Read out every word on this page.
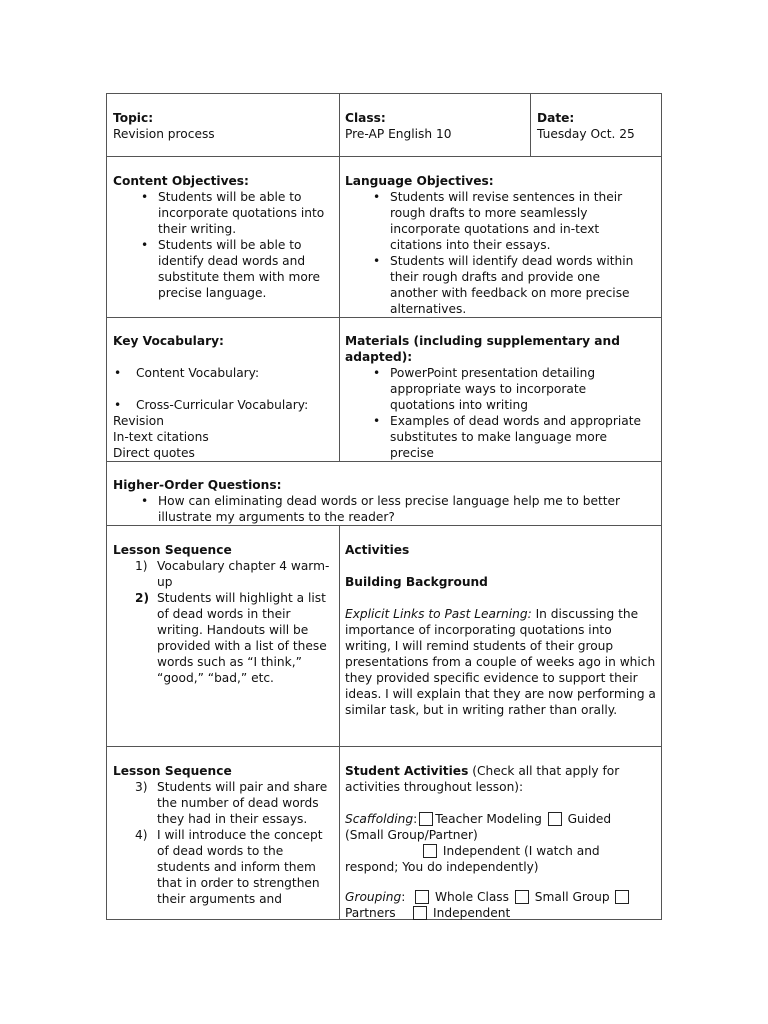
Topic:
Revision process
Class:
Pre-AP English 10
Date:
Tuesday Oct. 25
Content Objectives:
• Students will be able to incorporate quotations into their writing.
• Students will be able to identify dead words and substitute them with more precise language.
Language Objectives:
• Students will revise sentences in their rough drafts to more seamlessly incorporate quotations and in-text citations into their essays.
• Students will identify dead words within their rough drafts and provide one another with feedback on more precise alternatives.
Key Vocabulary:
• Content Vocabulary:
• Cross-Curricular Vocabulary:
Revision
In-text citations
Direct quotes
Materials (including supplementary and adapted):
• PowerPoint presentation detailing appropriate ways to incorporate quotations into writing
• Examples of dead words and appropriate substitutes to make language more precise
Higher-Order Questions:
• How can eliminating dead words or less precise language help me to better illustrate my arguments to the reader?
Lesson Sequence
1) Vocabulary chapter 4 warm-up
2) Students will highlight a list of dead words in their writing. Handouts will be provided with a list of these words such as “I think,” “good,” “bad,” etc.
Activities
Building Background

Explicit Links to Past Learning: In discussing the importance of incorporating quotations into writing, I will remind students of their group presentations from a couple of weeks ago in which they provided specific evidence to support their ideas. I will explain that they are now performing a similar task, but in writing rather than orally.

Lesson Sequence
3) Students will pair and share the number of dead words they had in their essays.
4) I will introduce the concept of dead words to the students and inform them that in order to strengthen their arguments and

Student Activities (Check all that apply for activities throughout lesson):

Scaffolding: Teacher Modeling Guided
(Small Group/Partner)
Independent (I watch and
respond; You do independently)
Grouping:   Whole Class Small Group
Partners	Independent
